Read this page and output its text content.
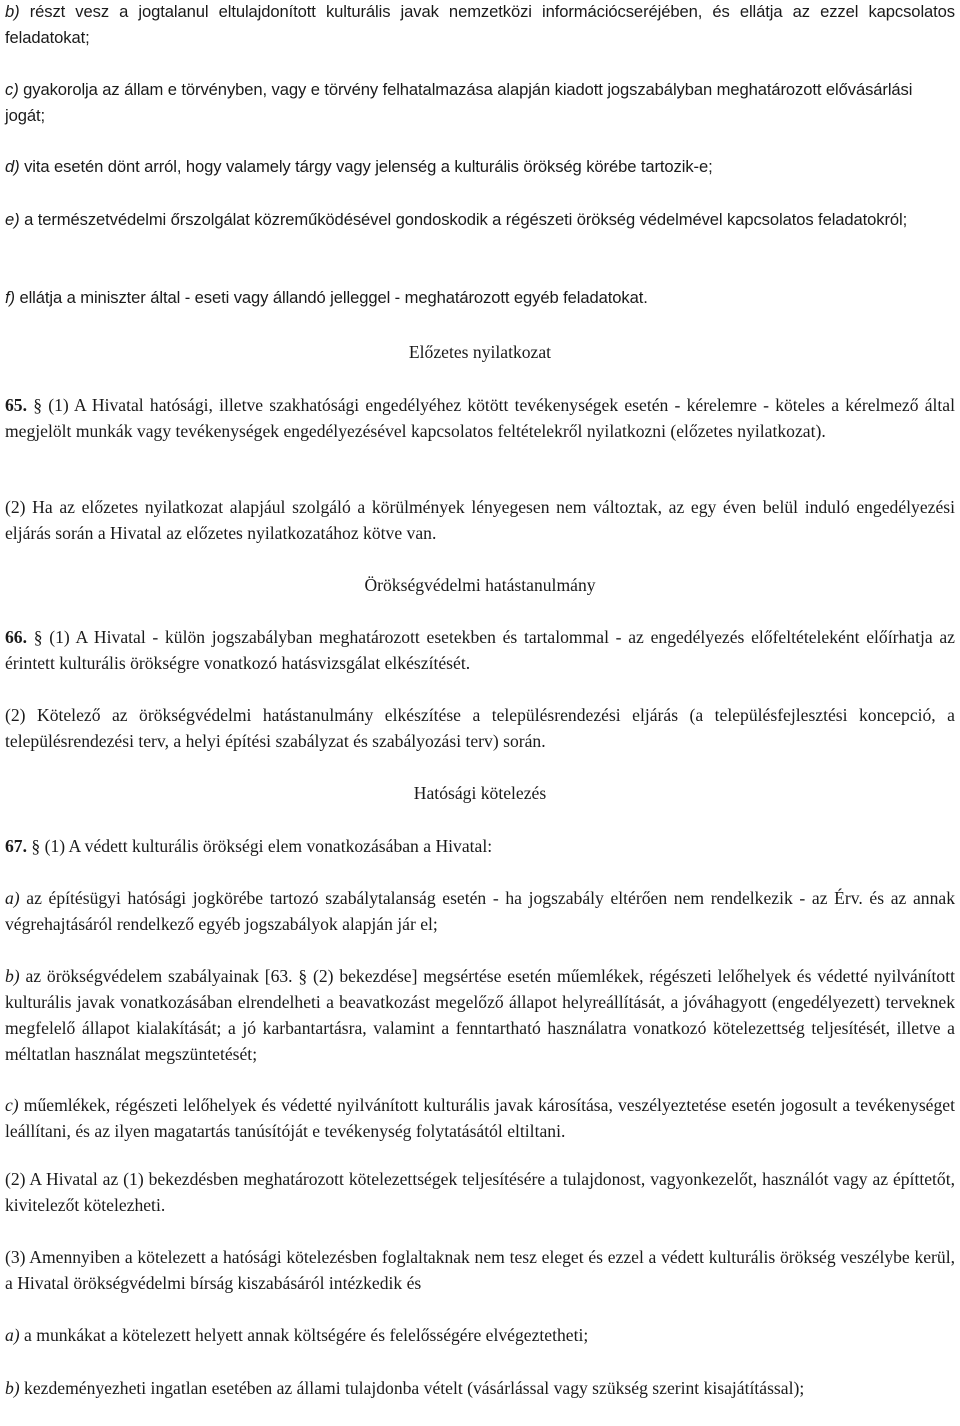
b) részt vesz a jogtalanul eltulajdonított kulturális javak nemzetközi információcseréjében, és ellátja az ezzel kapcsolatos feladatokat;

c) gyakorolja az állam e törvényben, vagy e törvény felhatalmazása alapján kiadott jogszabályban meghatározott elővásárlási jogát;

d) vita esetén dönt arról, hogy valamely tárgy vagy jelenség a kulturális örökség körébe tartozik-e;

e) a természetvédelmi őrszolgálat közreműködésével gondoskodik a régészeti örökség védelmével kapcsolatos feladatokról;

f) ellátja a miniszter által - eseti vagy állandó jelleggel - meghatározott egyéb feladatokat.

Előzetes nyilatkozat

65. § (1) A Hivatal hatósági, illetve szakhatósági engedélyéhez kötött tevékenységek esetén - kérelemre - köteles a kérelmező által megjelölt munkák vagy tevékenységek engedélyezésével kapcsolatos feltételekről nyilatkozni (előzetes nyilatkozat).

(2) Ha az előzetes nyilatkozat alapjául szolgáló a körülmények lényegesen nem változtak, az egy éven belül induló engedélyezési eljárás során a Hivatal az előzetes nyilatkozatához kötve van.

Örökségvédelmi hatástanulmány

66. § (1) A Hivatal - külön jogszabályban meghatározott esetekben és tartalommal - az engedélyezés előfeltételeként előírhatja az érintett kulturális örökségre vonatkozó hatásvizsgálat elkészítését.

(2) Kötelező az örökségvédelmi hatástanulmány elkészítése a településrendezési eljárás (a településfejlesztési koncepció, a településrendezési terv, a helyi építési szabályzat és szabályozási terv) során.

Hatósági kötelezés

67. § (1) A védett kulturális örökségi elem vonatkozásában a Hivatal:

a) az építésügyi hatósági jogkörébe tartozó szabálytalanság esetén - ha jogszabály eltérően nem rendelkezik - az Érv. és az annak végrehajtásáról rendelkező egyéb jogszabályok alapján jár el;

b) az örökségvédelem szabályainak [63. § (2) bekezdése] megsértése esetén műemlékek, régészeti lelőhelyek és védetté nyilvánított kulturális javak vonatkozásában elrendelheti a beavatkozást megelőző állapot helyreállítását, a jóváhagyott (engedélyezett) terveknek megfelelő állapot kialakítását; a jó karbantartásra, valamint a fenntartható használatra vonatkozó kötelezettség teljesítését, illetve a méltatlan használat megszüntetését;

c) műemlékek, régészeti lelőhelyek és védetté nyilvánított kulturális javak károsítása, veszélyeztetése esetén jogosult a tevékenységet leállítani, és az ilyen magatartás tanúsítóját e tevékenység folytatásától eltiltani.

(2) A Hivatal az (1) bekezdésben meghatározott kötelezettségek teljesítésére a tulajdonost, vagyonkezelőt, használót vagy az építtetőt, kivitelezőt kötelezheti.

(3) Amennyiben a kötelezett a hatósági kötelezésben foglaltaknak nem tesz eleget és ezzel a védett kulturális örökség veszélybe kerül, a Hivatal örökségvédelmi bírság kiszabásáról intézkedik és

a) a munkákat a kötelezett helyett annak költségére és felelősségére elvégeztetheti;

b) kezdeményezheti ingatlan esetében az állami tulajdonba vételt (vásárlással vagy szükség szerint kisajátítással);
